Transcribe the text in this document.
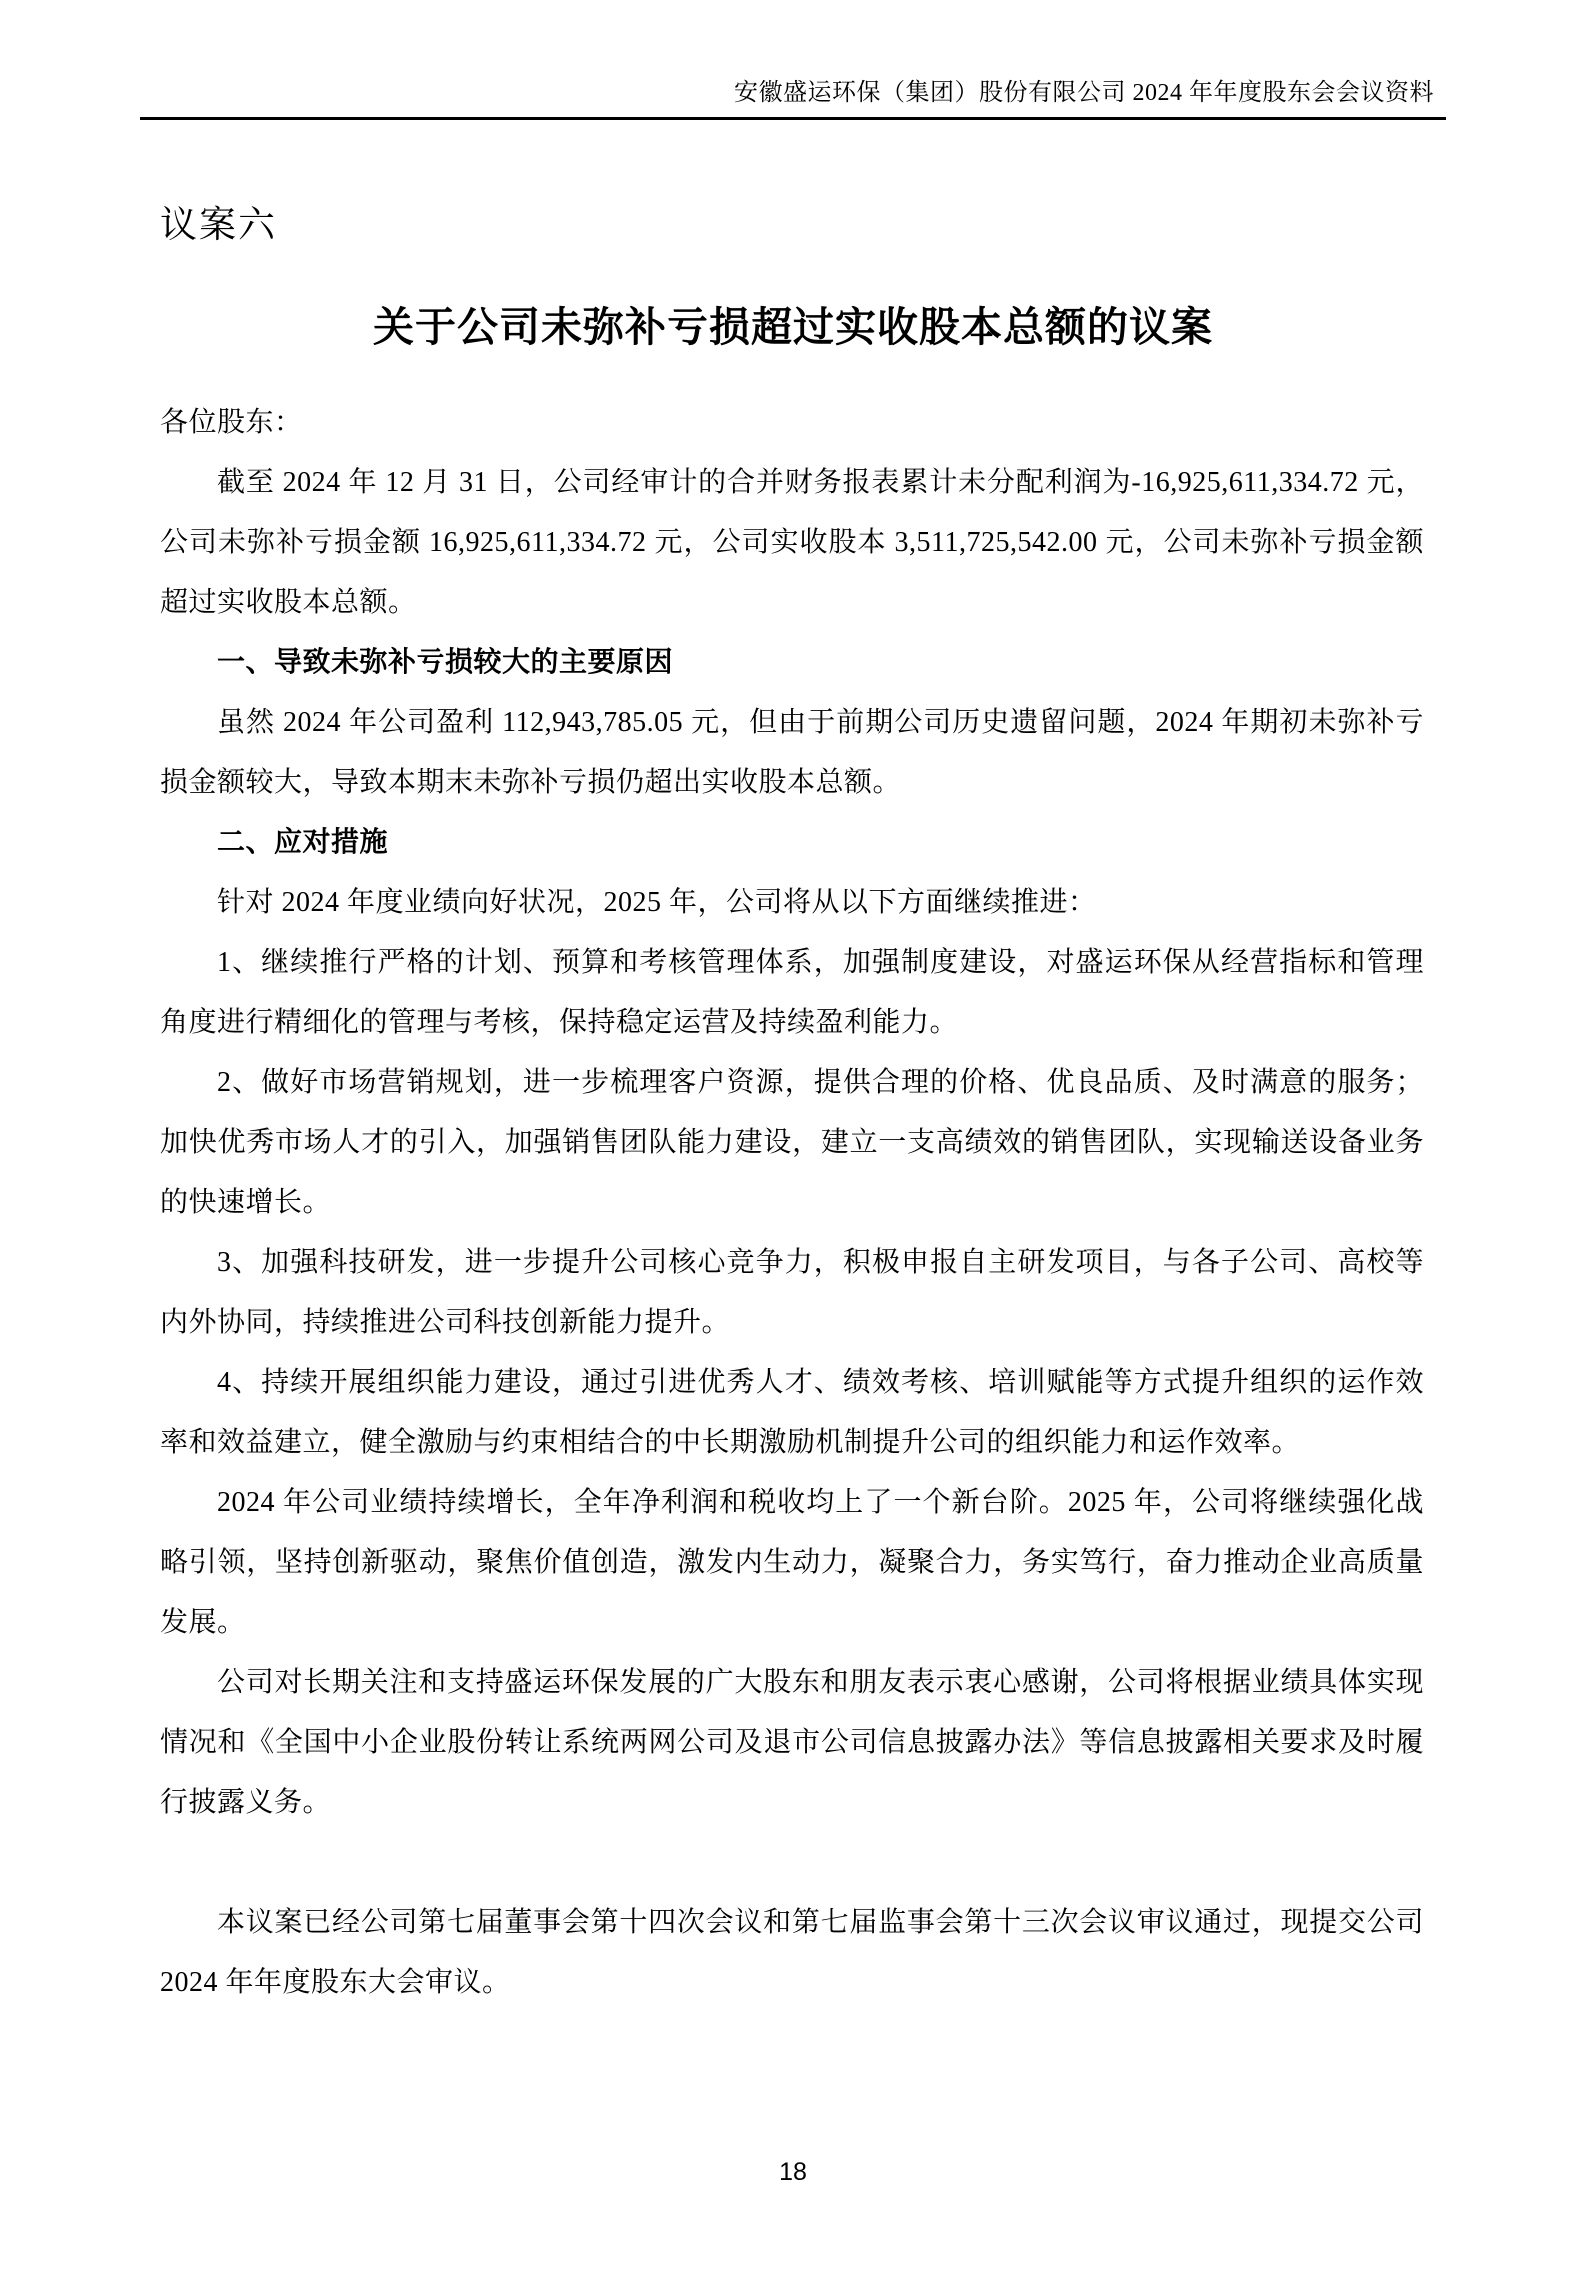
安徽盛运环保（集团）股份有限公司 2024 年年度股东会会议资料
议案六
关于公司未弥补亏损超过实收股本总额的议案

各位股东：

截至 2024 年 12 月 31 日，公司经审计的合并财务报表累计未分配利润为-16,925,611,334.72 元，公司未弥补亏损金额 16,925,611,334.72 元，公司实收股本 3,511,725,542.00 元，公司未弥补亏损金额超过实收股本总额。

一、导致未弥补亏损较大的主要原因

虽然 2024 年公司盈利 112,943,785.05 元，但由于前期公司历史遗留问题，2024 年期初未弥补亏损金额较大，导致本期末未弥补亏损仍超出实收股本总额。

二、应对措施

针对 2024 年度业绩向好状况，2025 年，公司将从以下方面继续推进：

1、继续推行严格的计划、预算和考核管理体系，加强制度建设，对盛运环保从经营指标和管理角度进行精细化的管理与考核，保持稳定运营及持续盈利能力。

2、做好市场营销规划，进一步梳理客户资源，提供合理的价格、优良品质、及时满意的服务；加快优秀市场人才的引入，加强销售团队能力建设，建立一支高绩效的销售团队，实现输送设备业务的快速增长。

3、加强科技研发，进一步提升公司核心竞争力，积极申报自主研发项目，与各子公司、高校等内外协同，持续推进公司科技创新能力提升。

4、持续开展组织能力建设，通过引进优秀人才、绩效考核、培训赋能等方式提升组织的运作效率和效益建立，健全激励与约束相结合的中长期激励机制提升公司的组织能力和运作效率。

2024 年公司业绩持续增长，全年净利润和税收均上了一个新台阶。2025 年，公司将继续强化战略引领，坚持创新驱动，聚焦价值创造，激发内生动力，凝聚合力，务实笃行，奋力推动企业高质量发展。

公司对长期关注和支持盛运环保发展的广大股东和朋友表示衷心感谢，公司将根据业绩具体实现情况和《全国中小企业股份转让系统两网公司及退市公司信息披露办法》等信息披露相关要求及时履行披露义务。

本议案已经公司第七届董事会第十四次会议和第七届监事会第十三次会议审议通过，现提交公司 2024 年年度股东大会审议。

18
